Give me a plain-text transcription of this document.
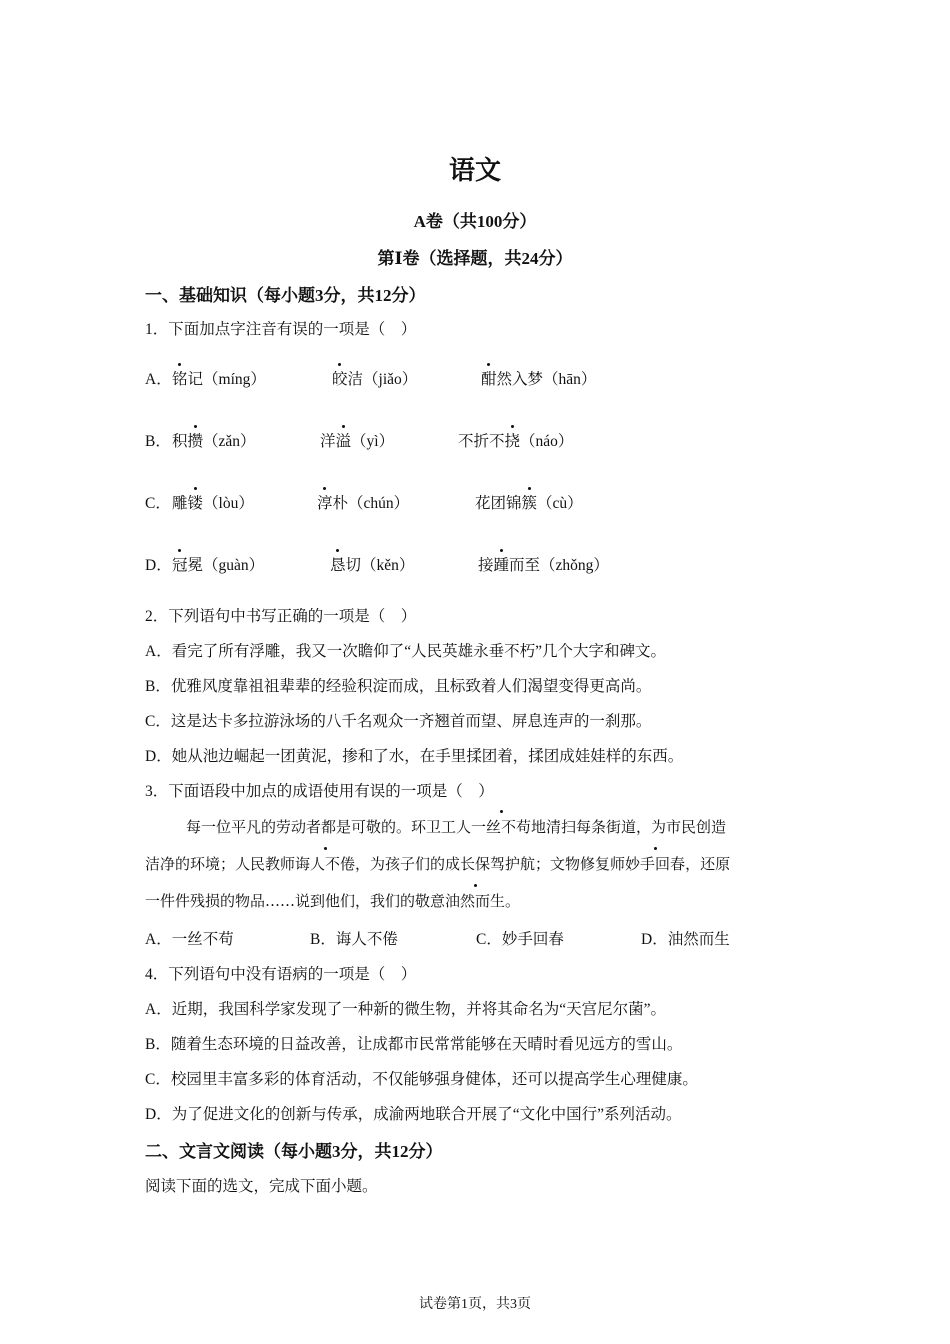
语文
A卷（共100分）
第Ⅰ卷（选择题，共24分）
一、基础知识（每小题3分，共12分）
1．下面加点字注音有误的一项是（　）
A． 铭记（míng）	皎洁（jiǎo）	酣然入梦（hān）
B． 积攒（zǎn）	洋溢（yì）	不折不挠（náo）
C． 雕镂（lòu）	淳朴（chún）	花团锦簇（cù）
D． 冠冕（guàn）	恳切（kěn）	接踵而至（zhǒng）
2．下列语句中书写正确的一项是（　）
A．看完了所有浮雕，我又一次瞻仰了“人民英雄永垂不朽”几个大字和碑文。
B．优雅风度靠祖祖辈辈的经验积淀而成，且标致着人们渴望变得更高尚。
C．这是达卡多拉游泳场的八千名观众一齐翘首而望、屏息连声的一刹那。
D．她从池边崛起一团黄泥，掺和了水，在手里揉团着，揉团成娃娃样的东西。
3．下面语段中加点的成语使用有误的一项是（　）
每一位平凡的劳动者都是可敬的。环卫工人一丝不苟地清扫每条街道，为市民创造
洁净的环境；人民教师诲人不倦，为孩子们的成长保驾护航；文物修复师妙手回春，还原
一件件残损的物品……说到他们，我们的敬意油然而生。
A．一丝不苟	B．诲人不倦	C．妙手回春	D．油然而生
4．下列语句中没有语病的一项是（　）
A．近期，我国科学家发现了一种新的微生物，并将其命名为“天宫尼尔菌”。
B．随着生态环境的日益改善，让成都市民常常能够在天晴时看见远方的雪山。
C．校园里丰富多彩的体育活动，不仅能够强身健体，还可以提高学生心理健康。
D．为了促进文化的创新与传承，成渝两地联合开展了“文化中国行”系列活动。
二、文言文阅读（每小题3分，共12分）
阅读下面的选文，完成下面小题。
试卷第1页，共3页
